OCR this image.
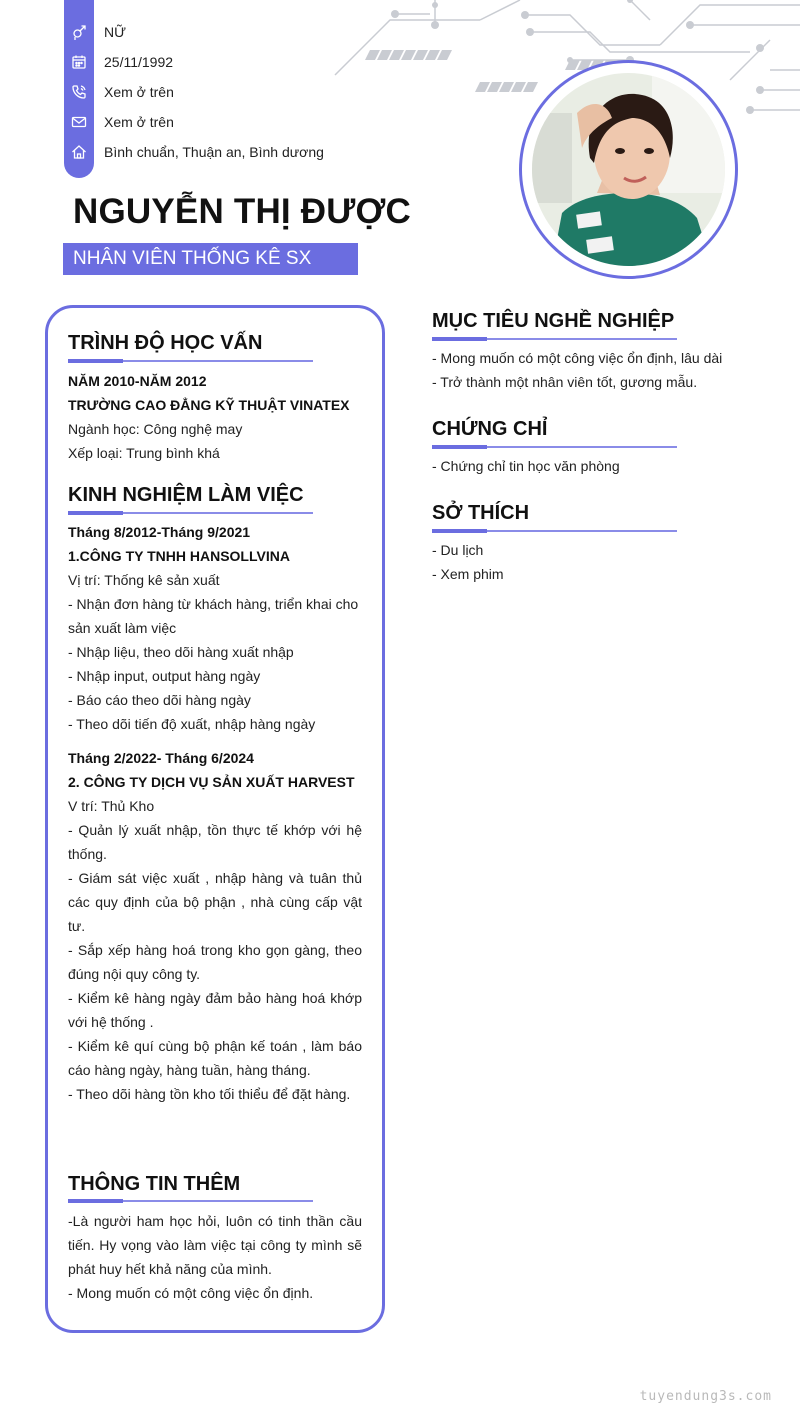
NỮ
25/11/1992
Xem ở trên
Xem ở trên
Bình chuẩn, Thuận an, Bình dương
NGUYỄN THỊ ĐƯỢC
NHÂN VIÊN THỐNG KÊ SX
TRÌNH ĐỘ HỌC VẤN

NĂM 2010-NĂM 2012

TRƯỜNG CAO ĐẲNG KỸ THUẬT VINATEX

Ngành học: Công nghệ may

Xếp loại: Trung bình khá

KINH NGHIỆM LÀM VIỆC

Tháng 8/2012-Tháng 9/2021

1.CÔNG TY TNHH HANSOLLVINA

Vị trí: Thống kê sản xuất

- Nhận đơn hàng từ khách hàng, triển khai cho sản xuất làm việc

- Nhập liệu, theo dõi hàng xuất nhập

- Nhập input, output hàng ngày

- Báo cáo theo dõi hàng ngày

- Theo dõi tiến độ xuất, nhập hàng ngày

Tháng 2/2022- Tháng 6/2024

2. CÔNG TY DỊCH VỤ SẢN XUẤT HARVEST

V trí: Thủ Kho

- Quản lý xuất nhập, tồn thực tế khớp với hệ thống.

- Giám sát việc xuất , nhập hàng và tuân thủ các quy định của bộ phận , nhà cùng cấp vật tư.

- Sắp xếp hàng hoá trong kho gọn gàng, theo đúng nội quy công ty.

- Kiểm kê hàng ngày đảm bảo hàng hoá khớp với hệ thống .

- Kiểm kê quí cùng bộ phận kế toán , làm báo cáo hàng ngày, hàng tuần, hàng tháng.

- Theo dõi hàng tồn kho tối thiểu để đặt hàng.

THÔNG TIN THÊM

-Là người ham học hỏi, luôn có tinh thần cầu tiến. Hy vọng vào làm việc tại công ty mình sẽ phát huy hết khả năng của mình.

- Mong muốn có một công việc ổn định.

MỤC TIÊU NGHỀ NGHIỆP

- Mong muốn có một công việc ổn định, lâu dài

- Trở thành một nhân viên tốt, gương mẫu.

CHỨNG CHỈ

- Chứng chỉ tin học văn phòng

SỞ THÍCH

- Du lịch

- Xem phim

tuyendung3s.com
